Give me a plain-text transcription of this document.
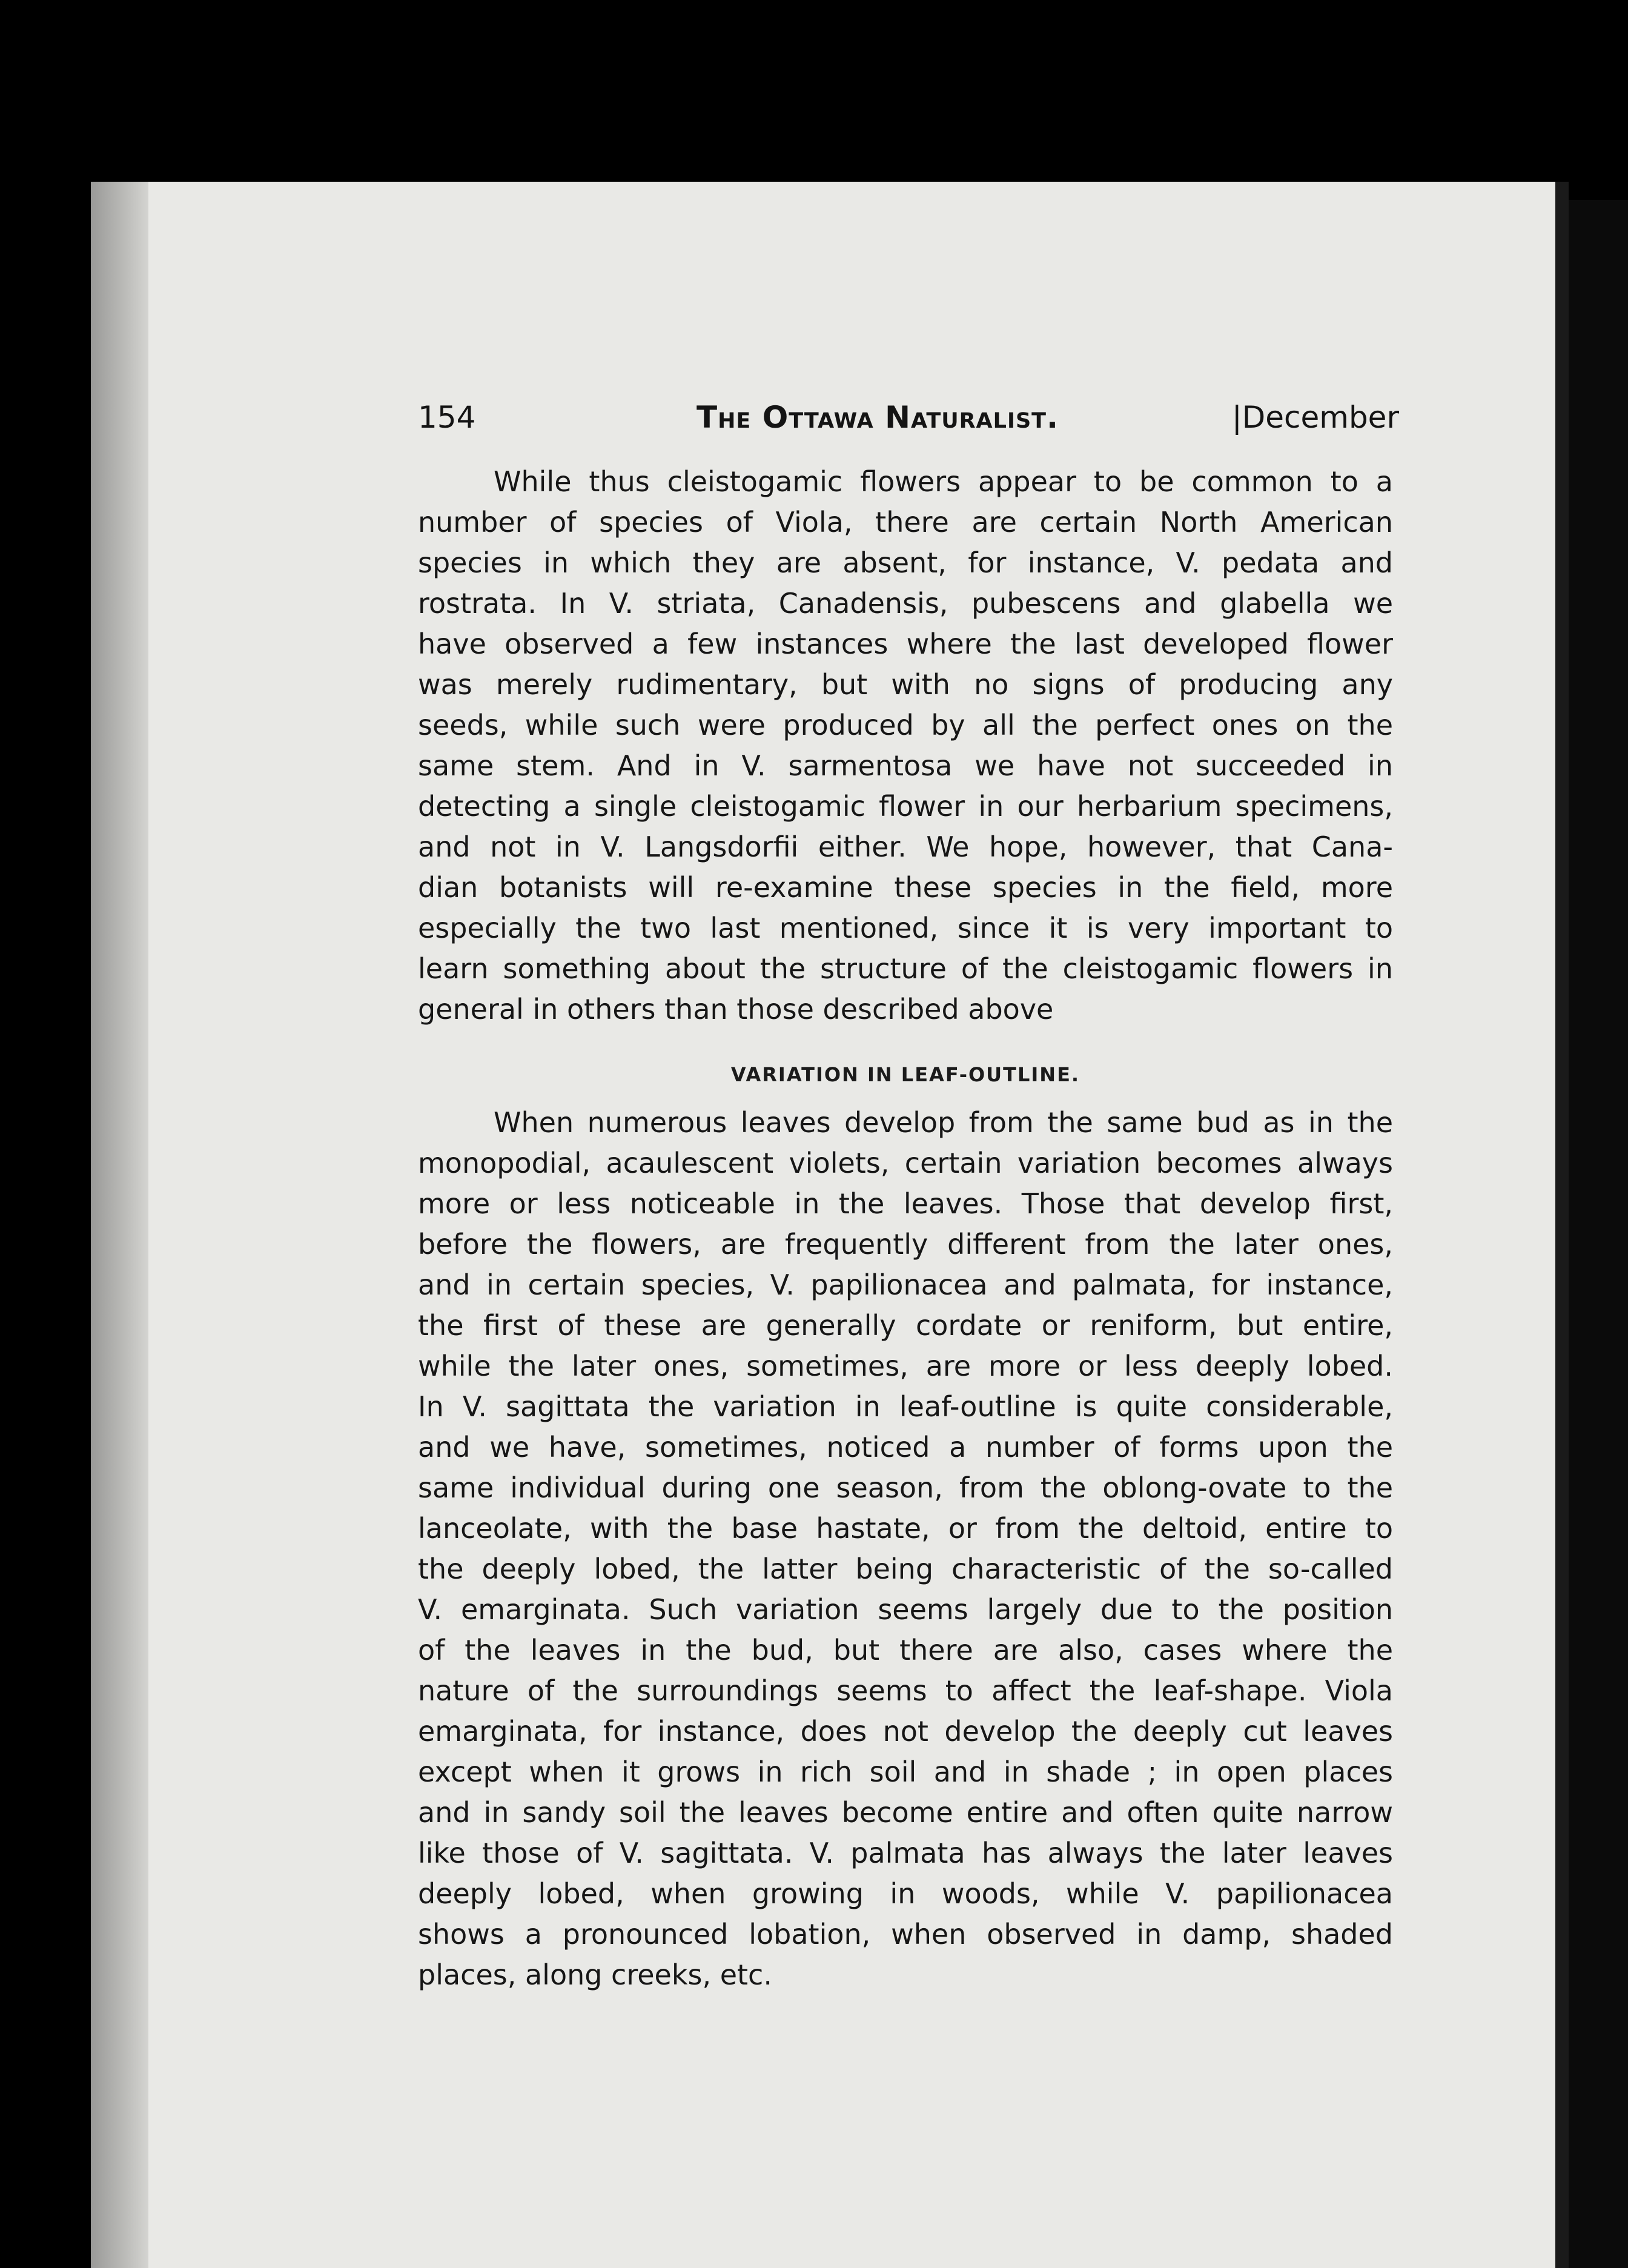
154	The Ottawa Naturalist.	|December
While thus cleistogamic flowers appear to be common to a
number of species of Viola, there are certain North American
species in which they are absent, for instance, V. pedata and
rostrata. In V. striata, Canadensis, pubescens and glabella we
have observed a few instances where the last developed flower
was merely rudimentary, but with no signs of producing any
seeds, while such were produced by all the perfect ones on the
same stem. And in V. sarmentosa we have not succeeded in
detecting a single cleistogamic flower in our herbarium specimens,
and not in V. Langsdorfii either. We hope, however, that Cana-
dian botanists will re-examine these species in the field, more
especially the two last mentioned, since it is very important to
learn something about the structure of the cleistogamic flowers in
general in others than those described above
VARIATION IN LEAF-OUTLINE.
When numerous leaves develop from the same bud as in the
monopodial, acaulescent violets, certain variation becomes always
more or less noticeable in the leaves. Those that develop first,
before the flowers, are frequently different from the later ones,
and in certain species, V. papilionacea and palmata, for instance,
the first of these are generally cordate or reniform, but entire,
while the later ones, sometimes, are more or less deeply lobed.
In V. sagittata the variation in leaf-outline is quite considerable,
and we have, sometimes, noticed a number of forms upon the
same individual during one season, from the oblong-ovate to the
lanceolate, with the base hastate, or from the deltoid, entire to
the deeply lobed, the latter being characteristic of the so-called
V. emarginata. Such variation seems largely due to the position
of the leaves in the bud, but there are also, cases where the
nature of the surroundings seems to affect the leaf-shape. Viola
emarginata, for instance, does not develop the deeply cut leaves
except when it grows in rich soil and in shade ; in open places
and in sandy soil the leaves become entire and often quite narrow
like those of V. sagittata. V. palmata has always the later leaves
deeply lobed, when growing in woods, while V. papilionacea
shows a pronounced lobation, when observed in damp, shaded
places, along creeks, etc.
